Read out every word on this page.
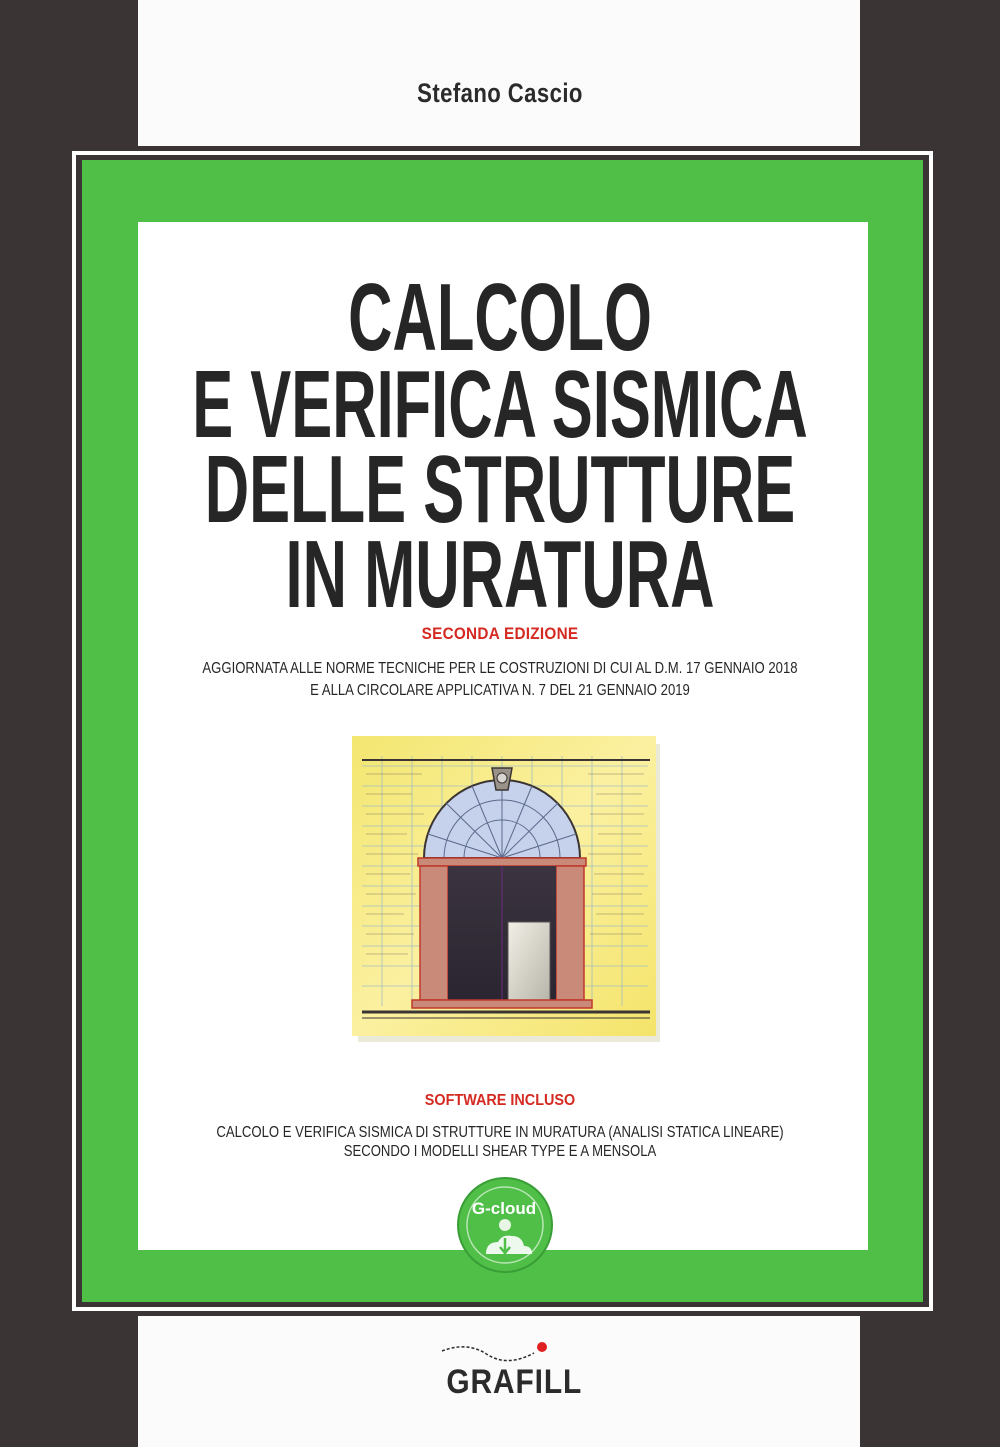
Stefano Cascio
CALCOLO
E VERIFICA SISMICA
DELLE STRUTTURE
IN MURATURA
SECONDA EDIZIONE
AGGIORNATA ALLE NORME TECNICHE PER LE COSTRUZIONI DI CUI AL D.M. 17 GENNAIO 2018
E ALLA CIRCOLARE APPLICATIVA N. 7 DEL 21 GENNAIO 2019
SOFTWARE INCLUSO
CALCOLO E VERIFICA SISMICA DI STRUTTURE IN MURATURA (ANALISI STATICA LINEARE)
SECONDO I MODELLI SHEAR TYPE E A MENSOLA
G-cloud
GRAFILL
